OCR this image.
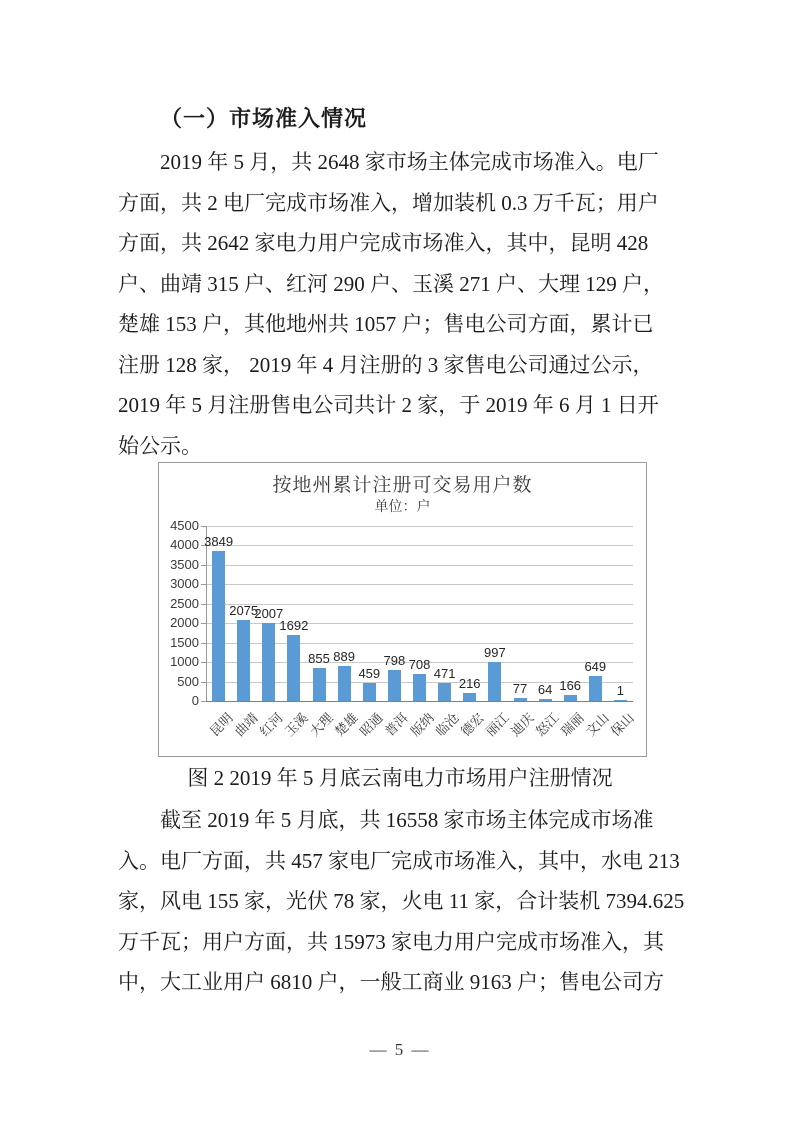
（一）市场准入情况
2019 年 5 月，共 2648 家市场主体完成市场准入。电厂
方面，共 2 电厂完成市场准入，增加装机 0.3 万千瓦；用户
方面，共 2642 家电力用户完成市场准入，其中，昆明 428
户、曲靖 315 户、红河 290 户、玉溪 271 户、大理 129 户，
楚雄 153 户，其他地州共 1057 户；售电公司方面，累计已
注册 128 家， 2019 年 4 月注册的 3 家售电公司通过公示，
2019 年 5 月注册售电公司共计 2 家，于 2019 年 6 月 1 日开
始公示。
按地州累计注册可交易用户数
单位：户
0
500
1000
1500
2000
2500
3000
3500
4000
4500
3849
昆明
2075
曲靖
2007
红河
1692
玉溪
855
大理
889
楚雄
459
昭通
798
普洱
708
版纳
471
临沧
216
德宏
997
丽江
77
迪庆
64
怒江
166
瑞丽
649
文山
1
保山
图 2 2019 年 5 月底云南电力市场用户注册情况
截至 2019 年 5 月底，共 16558 家市场主体完成市场准
入。电厂方面，共 457 家电厂完成市场准入，其中，水电 213
家，风电 155 家，光伏 78 家，火电 11 家，合计装机 7394.625
万千瓦；用户方面，共 15973 家电力用户完成市场准入，其
中，大工业用户 6810 户，一般工商业 9163 户；售电公司方
— 5 —
